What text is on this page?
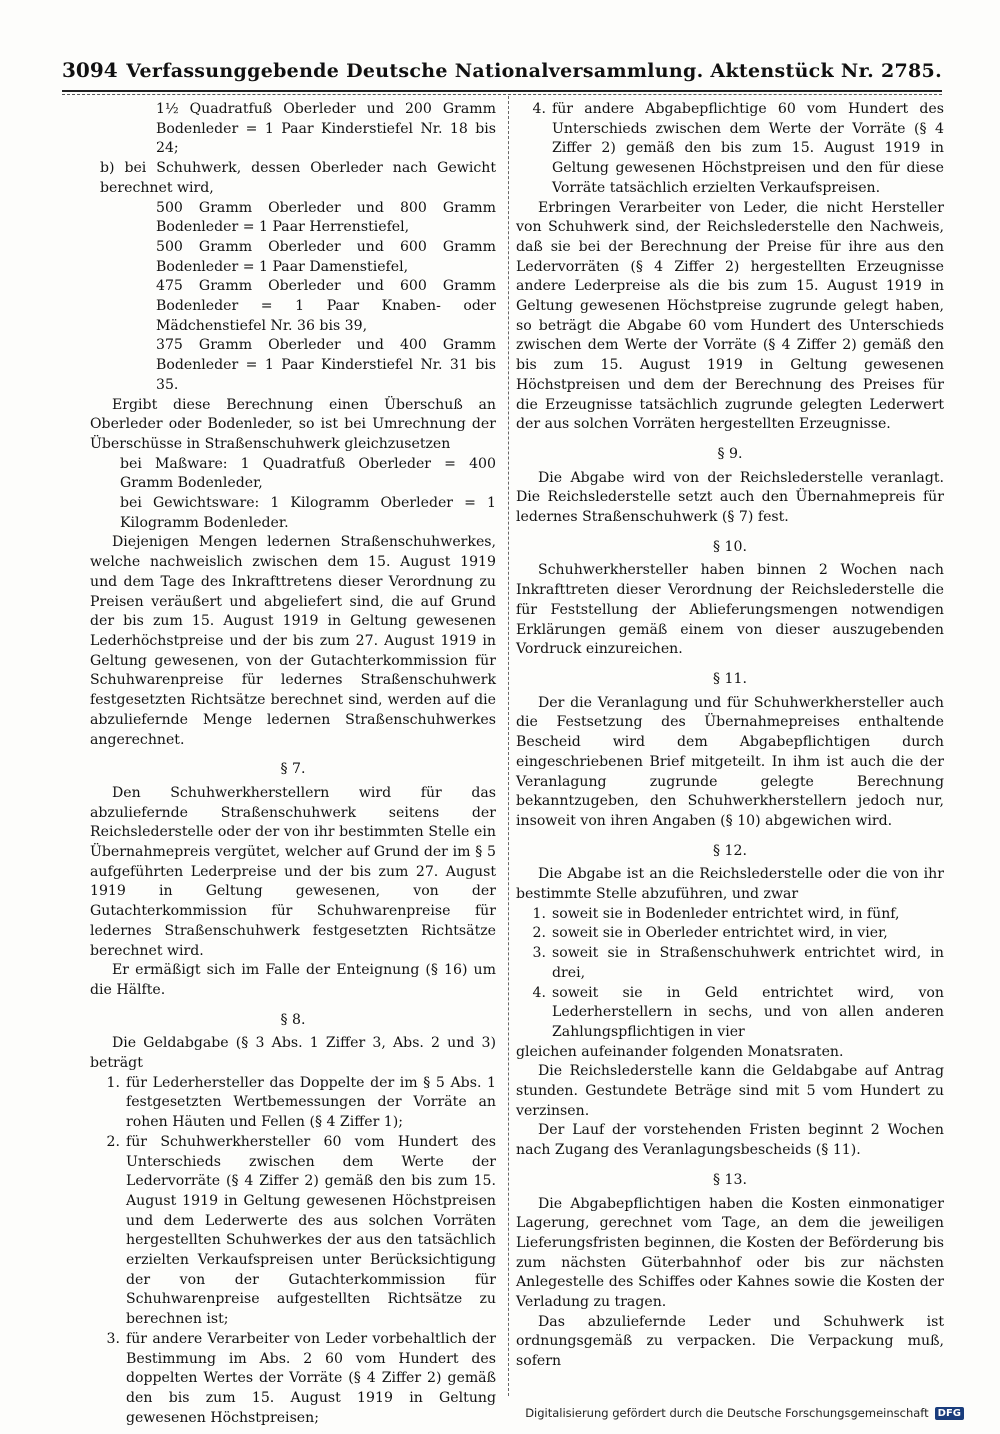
3094 Verfassunggebende Deutsche Nationalversammlung. Aktenstück Nr. 2785.

1½ Quadratfuß Oberleder und 200 Gramm Bodenleder = 1 Paar Kinderstiefel Nr. 18 bis 24;

b) bei Schuhwerk, dessen Oberleder nach Gewicht berechnet wird,

500 Gramm Oberleder und 800 Gramm Bodenleder = 1 Paar Herrenstiefel,

500 Gramm Oberleder und 600 Gramm Bodenleder = 1 Paar Damenstiefel,

475 Gramm Oberleder und 600 Gramm Bodenleder = 1 Paar Knaben- oder Mädchenstiefel Nr. 36 bis 39,

375 Gramm Oberleder und 400 Gramm Bodenleder = 1 Paar Kinderstiefel Nr. 31 bis 35.

Ergibt diese Berechnung einen Überschuß an Oberleder oder Bodenleder, so ist bei Umrechnung der Überschüsse in Straßenschuhwerk gleichzusetzen

bei Maßware: 1 Quadratfuß Oberleder = 400 Gramm Bodenleder,

bei Gewichtsware: 1 Kilogramm Oberleder = 1 Kilogramm Bodenleder.

Diejenigen Mengen ledernen Straßenschuhwerkes, welche nachweislich zwischen dem 15. August 1919 und dem Tage des Inkrafttretens dieser Verordnung zu Preisen veräußert und abgeliefert sind, die auf Grund der bis zum 15. August 1919 in Geltung gewesenen Lederhöchstpreise und der bis zum 27. August 1919 in Geltung gewesenen, von der Gutachterkommission für Schuhwarenpreise für ledernes Straßenschuhwerk festgesetzten Richtsätze berechnet sind, werden auf die abzuliefernde Menge ledernen Straßenschuhwerkes angerechnet.

§ 7.

Den Schuhwerkherstellern wird für das abzuliefernde Straßenschuhwerk seitens der Reichslederstelle oder der von ihr bestimmten Stelle ein Übernahmepreis vergütet, welcher auf Grund der im § 5 aufgeführten Lederpreise und der bis zum 27. August 1919 in Geltung gewesenen, von der Gutachterkommission für Schuhwarenpreise für ledernes Straßenschuhwerk festgesetzten Richtsätze berechnet wird.

Er ermäßigt sich im Falle der Enteignung (§ 16) um die Hälfte.

§ 8.

Die Geldabgabe (§ 3 Abs. 1 Ziffer 3, Abs. 2 und 3) beträgt

1. für Lederhersteller das Doppelte der im § 5 Abs. 1 festgesetzten Wertbemessungen der Vorräte an rohen Häuten und Fellen (§ 4 Ziffer 1);
2. für Schuhwerkhersteller 60 vom Hundert des Unterschieds zwischen dem Werte der Ledervorräte (§ 4 Ziffer 2) gemäß den bis zum 15. August 1919 in Geltung gewesenen Höchstpreisen und dem Lederwerte des aus solchen Vorräten hergestellten Schuhwerkes der aus den tatsächlich erzielten Verkaufspreisen unter Berücksichtigung der von der Gutachterkommission für Schuhwarenpreise aufgestellten Richtsätze zu berechnen ist;
3. für andere Verarbeiter von Leder vorbehaltlich der Bestimmung im Abs. 2 60 vom Hundert des doppelten Wertes der Vorräte (§ 4 Ziffer 2) gemäß den bis zum 15. August 1919 in Geltung gewesenen Höchstpreisen;
4. für andere Abgabepflichtige 60 vom Hundert des Unterschieds zwischen dem Werte der Vorräte (§ 4 Ziffer 2) gemäß den bis zum 15. August 1919 in Geltung gewesenen Höchstpreisen und den für diese Vorräte tatsächlich erzielten Verkaufspreisen.

Erbringen Verarbeiter von Leder, die nicht Hersteller von Schuhwerk sind, der Reichslederstelle den Nachweis, daß sie bei der Berechnung der Preise für ihre aus den Ledervorräten (§ 4 Ziffer 2) hergestellten Erzeugnisse andere Lederpreise als die bis zum 15. August 1919 in Geltung gewesenen Höchstpreise zugrunde gelegt haben, so beträgt die Abgabe 60 vom Hundert des Unterschieds zwischen dem Werte der Vorräte (§ 4 Ziffer 2) gemäß den bis zum 15. August 1919 in Geltung gewesenen Höchstpreisen und dem der Berechnung des Preises für die Erzeugnisse tatsächlich zugrunde gelegten Lederwert der aus solchen Vorräten hergestellten Erzeugnisse.

§ 9.

Die Abgabe wird von der Reichslederstelle veranlagt. Die Reichslederstelle setzt auch den Übernahmepreis für ledernes Straßenschuhwerk (§ 7) fest.

§ 10.

Schuhwerkhersteller haben binnen 2 Wochen nach Inkrafttreten dieser Verordnung der Reichslederstelle die für Feststellung der Ablieferungsmengen notwendigen Erklärungen gemäß einem von dieser auszugebenden Vordruck einzureichen.

§ 11.

Der die Veranlagung und für Schuhwerkhersteller auch die Festsetzung des Übernahmepreises enthaltende Bescheid wird dem Abgabepflichtigen durch eingeschriebenen Brief mitgeteilt. In ihm ist auch die der Veranlagung zugrunde gelegte Berechnung bekanntzugeben, den Schuhwerkherstellern jedoch nur, insoweit von ihren Angaben (§ 10) abgewichen wird.

§ 12.

Die Abgabe ist an die Reichslederstelle oder die von ihr bestimmte Stelle abzuführen, und zwar

1. soweit sie in Bodenleder entrichtet wird, in fünf,
2. soweit sie in Oberleder entrichtet wird, in vier,
3. soweit sie in Straßenschuhwerk entrichtet wird, in drei,
4. soweit sie in Geld entrichtet wird, von Lederherstellern in sechs, und von allen anderen Zahlungspflichtigen in vier

gleichen aufeinander folgenden Monatsraten.

Die Reichslederstelle kann die Geldabgabe auf Antrag stunden. Gestundete Beträge sind mit 5 vom Hundert zu verzinsen.

Der Lauf der vorstehenden Fristen beginnt 2 Wochen nach Zugang des Veranlagungsbescheids (§ 11).

§ 13.

Die Abgabepflichtigen haben die Kosten einmonatiger Lagerung, gerechnet vom Tage, an dem die jeweiligen Lieferungsfristen beginnen, die Kosten der Beförderung bis zum nächsten Güterbahnhof oder bis zur nächsten Anlegestelle des Schiffes oder Kahnes sowie die Kosten der Verladung zu tragen.

Das abzuliefernde Leder und Schuhwerk ist ordnungsgemäß zu verpacken. Die Verpackung muß, sofern

Digitalisierung gefördert durch die Deutsche Forschungsgemeinschaft DFG
